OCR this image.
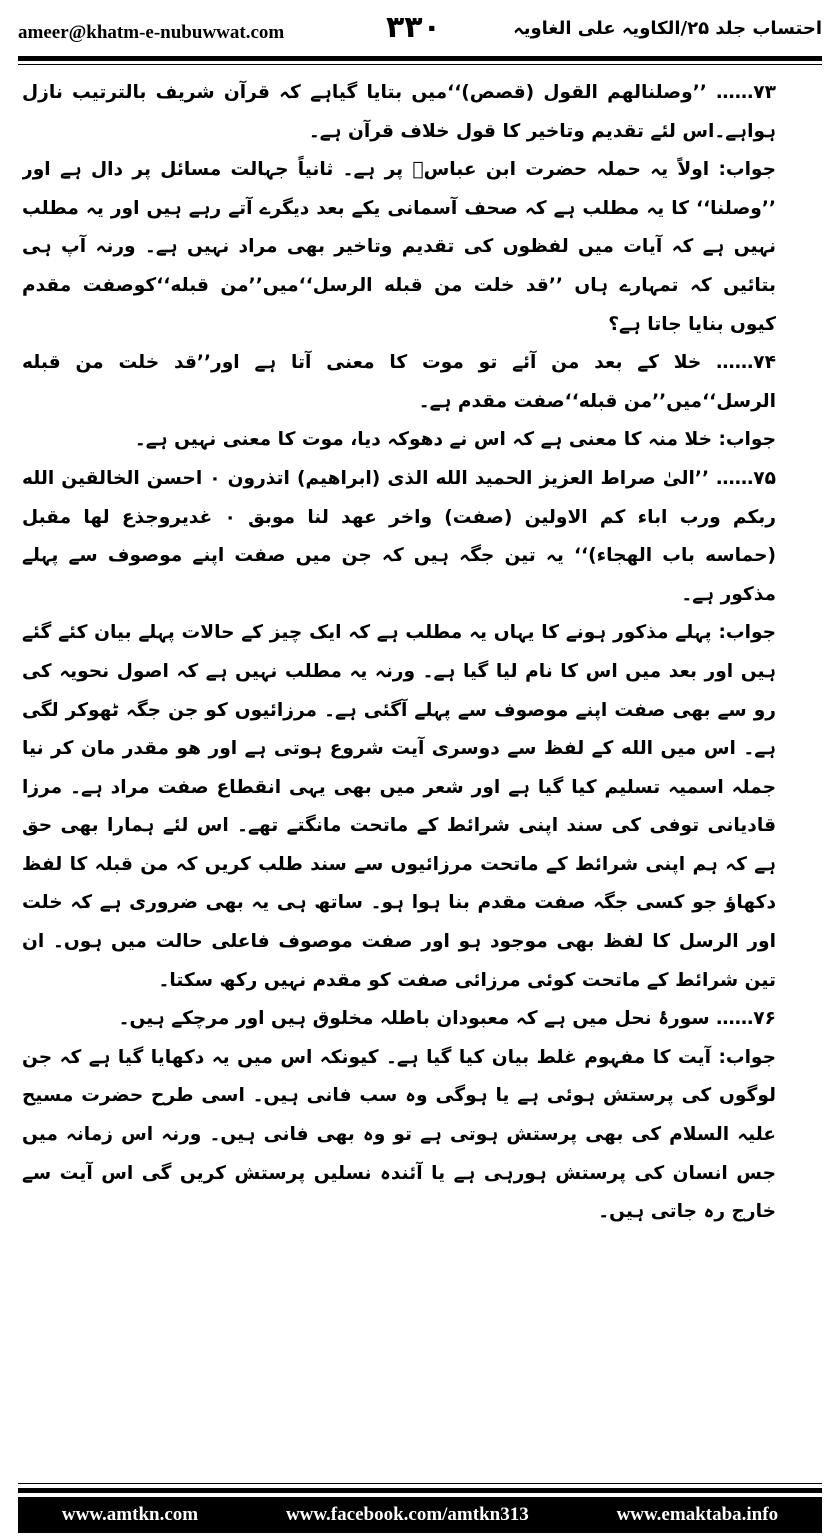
ameer@khatm-e-nubuwwat.com	۳۳۰	احتساب جلد ۲۵/الکاویہ علی الغاویہ

۷۳…… ’’وصلنالهم القول (قصص)‘‘میں بتایا گیاہے کہ قرآن شریف بالترتیب نازل ہواہے۔اس لئے تقدیم وتاخیر کا قول خلاف قرآن ہے۔

جواب: اولاً یہ حملہ حضرت ابن عباسؓ پر ہے۔ ثانیاً جہالت مسائل پر دال ہے اور ’’وصلنا‘‘ کا یہ مطلب ہے کہ صحف آسمانی یکے بعد دیگرے آتے رہے ہیں اور یہ مطلب نہیں ہے کہ آیات میں لفظوں کی تقدیم وتاخیر بھی مراد نہیں ہے۔ ورنہ آپ ہی بتائیں کہ تمہارے ہاں ’’قد خلت من قبله الرسل‘‘میں’’من قبله‘‘کوصفت مقدم کیوں بنایا جاتا ہے؟

۷۴…… خلا کے بعد من آئے تو موت کا معنی آتا ہے اور’’قد خلت من قبله الرسل‘‘میں’’من قبله‘‘صفت مقدم ہے۔

جواب: خلا منہ کا معنی ہے کہ اس نے دھوکہ دیا، موت کا معنی نہیں ہے۔

۷۵…… ’’الیٰ صراط العزیز الحمید الله الذی (ابراهیم) اتذرون ۰ احسن الخالقین الله ربکم ورب اباء کم الاولین (صفت) واخر عهد لنا موبق ۰ غدیروجذع لها مقبل (حماسه باب الهجاء)‘‘ یہ تین جگہ ہیں کہ جن میں صفت اپنے موصوف سے پہلے مذکور ہے۔

جواب: پہلے مذکور ہونے کا یہاں یہ مطلب ہے کہ ایک چیز کے حالات پہلے بیان کئے گئے ہیں اور بعد میں اس کا نام لیا گیا ہے۔ ورنہ یہ مطلب نہیں ہے کہ اصول نحویہ کی رو سے بھی صفت اپنے موصوف سے پہلے آگئی ہے۔ مرزائیوں کو جن جگہ ٹھوکر لگی ہے۔ اس میں الله کے لفظ سے دوسری آیت شروع ہوتی ہے اور ھو مقدر مان کر نیا جملہ اسمیہ تسلیم کیا گیا ہے اور شعر میں بھی یہی انقطاع صفت مراد ہے۔ مرزا قادیانی توفی کی سند اپنی شرائط کے ماتحت مانگتے تھے۔ اس لئے ہمارا بھی حق ہے کہ ہم اپنی شرائط کے ماتحت مرزائیوں سے سند طلب کریں کہ من قبلہ کا لفظ دکھاؤ جو کسی جگہ صفت مقدم بنا ہوا ہو۔ ساتھ ہی یہ بھی ضروری ہے کہ خلت اور الرسل کا لفظ بھی موجود ہو اور صفت موصوف فاعلی حالت میں ہوں۔ ان تین شرائط کے ماتحت کوئی مرزائی صفت کو مقدم نہیں رکھ سکتا۔

۷۶…… سورۂ نحل میں ہے کہ معبودان باطلہ مخلوق ہیں اور مرچکے ہیں۔

جواب: آیت کا مفہوم غلط بیان کیا گیا ہے۔ کیونکہ اس میں یہ دکھایا گیا ہے کہ جن لوگوں کی پرستش ہوئی ہے یا ہوگی وہ سب فانی ہیں۔ اسی طرح حضرت مسیح علیہ السلام کی بھی پرستش ہوتی ہے تو وہ بھی فانی ہیں۔ ورنہ اس زمانہ میں جس انسان کی پرستش ہورہی ہے یا آئندہ نسلیں پرستش کریں گی اس آیت سے خارج رہ جاتی ہیں۔

www.amtkn.com	www.facebook.com/amtkn313	www.emaktaba.info
